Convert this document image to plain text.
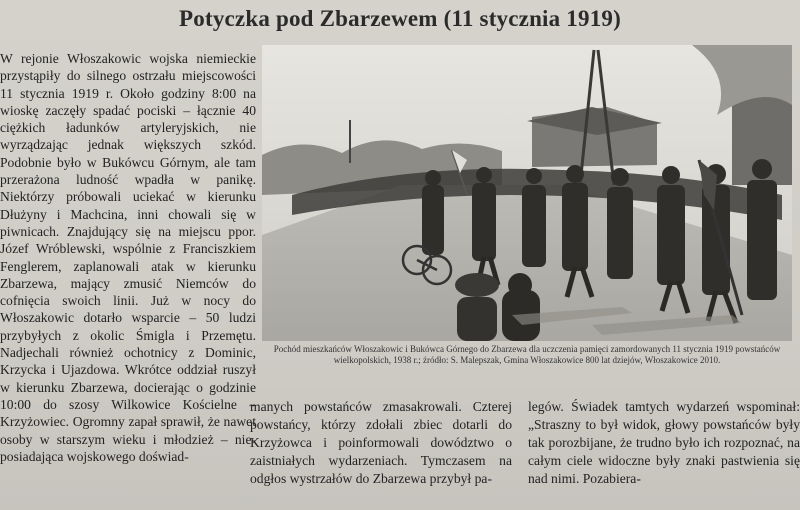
Potyczka pod Zbarzewem (11 stycznia 1919)

W rejonie Włoszakowic wojska niemieckie przystąpiły do silnego ostrzału miejscowości 11 stycznia 1919 r. Około godziny 8:00 na wioskę zaczęły spadać pociski – łącznie 40 ciężkich ładunków artyleryjskich, nie wyrządzając jednak większych szkód. Podobnie było w Bukówcu Górnym, ale tam przerażona ludność wpadła w panikę. Niektórzy próbowali uciekać w kierunku Dłużyny i Machcina, inni chowali się w piwnicach. Znajdujący się na miejscu ppor. Józef Wróblewski, wspólnie z Franciszkiem Fenglerem, zaplanowali atak w kierunku Zbarzewa, mający zmusić Niemców do cofnięcia swoich linii. Już w nocy do Włoszakowic dotarło wsparcie – 50 ludzi przybyłych z okolic Śmigla i Przemętu. Nadjechali również ochotnicy z Dominic, Krzycka i Ujazdowa. Wkrótce oddział ruszył w kierunku Zbarzewa, docierając o godzinie 10:00 do szosy Wilkowice Kościelne – Krzyżowiec. Ogromny zapał sprawił, że nawet osoby w starszym wieku i młodzież – nie-posiadająca wojskowego doświad-

Pochód mieszkańców Włoszakowic i Bukówca Górnego do Zbarzewa dla uczczenia pamięci zamordowanych 11 stycznia 1919 powstańców wielkopolskich, 1938 r.; źródło: S. Malepszak, Gmina Włoszakowice 800 lat dziejów, Włoszakowice 2010.

manych powstańców zmasakrowali. Czterej powstańcy, którzy zdołali zbiec dotarli do Krzyżowca i poinformowali dowództwo o zaistniałych wydarzeniach. Tymczasem na odgłos wystrzałów do Zbarzewa przybył pa-

legów. Świadek tamtych wydarzeń wspominał: „Straszny to był widok, głowy powstańców były tak porozbijane, że trudno było ich rozpoznać, na całym ciele widoczne były znaki pastwienia się nad nimi. Pozabiera-
